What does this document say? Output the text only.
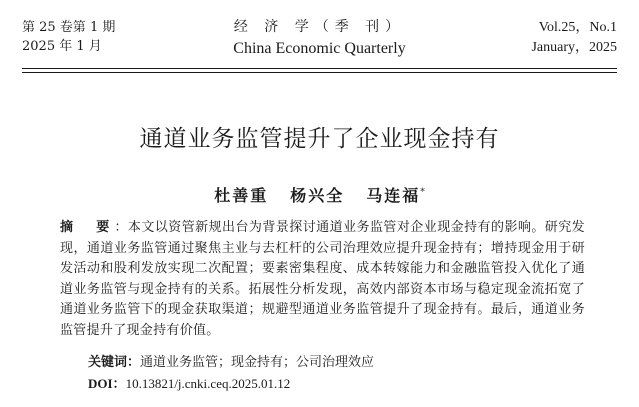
第 25 卷第 1 期
2025 年 1 月
经 济 学（季 刊）
China Economic Quarterly
Vol.25，No.1
January，2025
通道业务监管提升了企业现金持有
杜善重 杨兴全 马连福*
摘　要：本文以资管新规出台为背景探讨通道业务监管对企业现金持有的影响。研究发现，通道业务监管通过聚焦主业与去杠杆的公司治理效应提升现金持有；增持现金用于研发活动和股利发放实现二次配置；要素密集程度、成本转嫁能力和金融监管投入优化了通道业务监管与现金持有的关系。拓展性分析发现，高效内部资本市场与稳定现金流拓宽了通道业务监管下的现金获取渠道；规避型通道业务监管提升了现金持有。最后，通道业务监管提升了现金持有价值。
关键词：通道业务监管；现金持有；公司治理效应
DOI：10.13821/j.cnki.ceq.2025.01.12
